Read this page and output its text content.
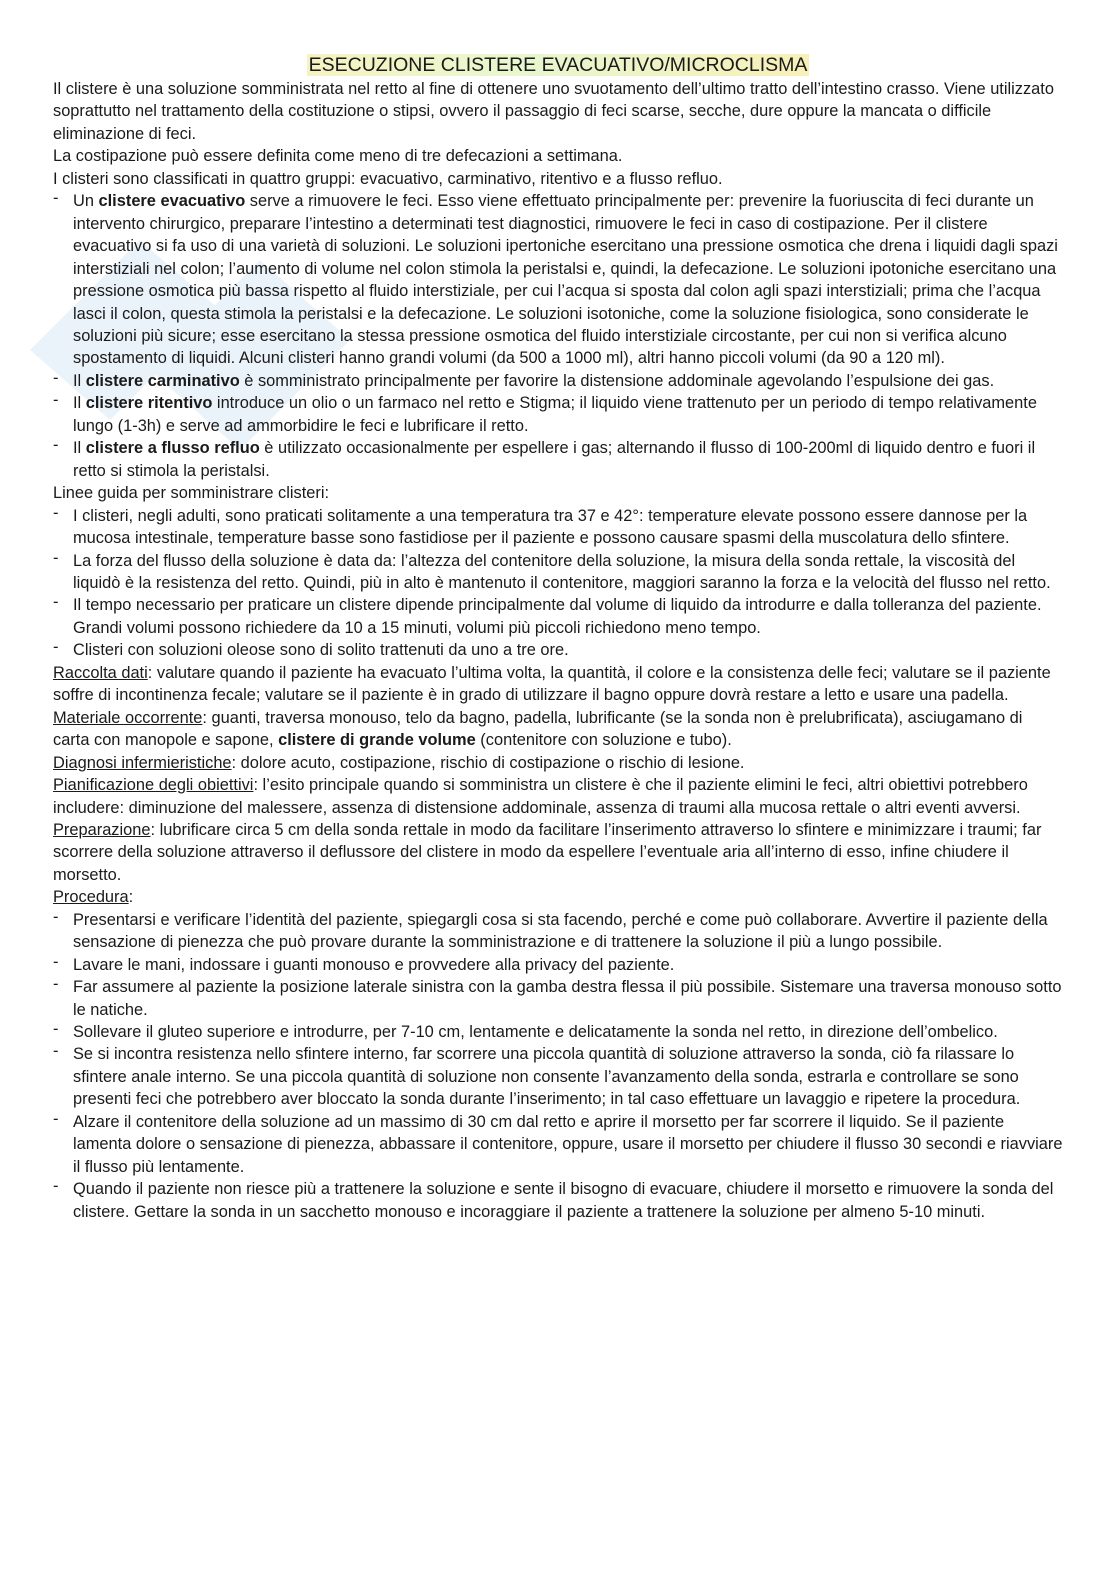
ESECUZIONE CLISTERE EVACUATIVO/MICROCLISMA

Il clistere è una soluzione somministrata nel retto al fine di ottenere uno svuotamento dell’ultimo tratto dell’intestino crasso. Viene utilizzato soprattutto nel trattamento della costituzione o stipsi, ovvero il passaggio di feci scarse, secche, dure oppure la mancata o difficile eliminazione di feci.

La costipazione può essere definita come meno di tre defecazioni a settimana.

I clisteri sono classificati in quattro gruppi: evacuativo, carminativo, ritentivo e a flusso refluo.

- Un clistere evacuativo serve a rimuovere le feci. Esso viene effettuato principalmente per: prevenire la fuoriuscita di feci durante un intervento chirurgico, preparare l’intestino a determinati test diagnostici, rimuovere le feci in caso di costipazione. Per il clistere evacuativo si fa uso di una varietà di soluzioni. Le soluzioni ipertoniche esercitano una pressione osmotica che drena i liquidi dagli spazi interstiziali nel colon; l’aumento di volume nel colon stimola la peristalsi e, quindi, la defecazione. Le soluzioni ipotoniche esercitano una pressione osmotica più bassa rispetto al fluido interstiziale, per cui l’acqua si sposta dal colon agli spazi interstiziali; prima che l’acqua lasci il colon, questa stimola la peristalsi e la defecazione. Le soluzioni isotoniche, come la soluzione fisiologica, sono considerate le soluzioni più sicure; esse esercitano la stessa pressione osmotica del fluido interstiziale circostante, per cui non si verifica alcuno spostamento di liquidi. Alcuni clisteri hanno grandi volumi (da 500 a 1000 ml), altri hanno piccoli volumi (da 90 a 120 ml).
- Il clistere carminativo è somministrato principalmente per favorire la distensione addominale agevolando l’espulsione dei gas.
- Il clistere ritentivo introduce un olio o un farmaco nel retto e Stigma; il liquido viene trattenuto per un periodo di tempo relativamente lungo (1-3h) e serve ad ammorbidire le feci e lubrificare il retto.
- Il clistere a flusso refluo è utilizzato occasionalmente per espellere i gas; alternando il flusso di 100-200ml di liquido dentro e fuori il retto si stimola la peristalsi.

Linee guida per somministrare clisteri:

- I clisteri, negli adulti, sono praticati solitamente a una temperatura tra 37 e 42°: temperature elevate possono essere dannose per la mucosa intestinale, temperature basse sono fastidiose per il paziente e possono causare spasmi della muscolatura dello sfintere.
- La forza del flusso della soluzione è data da: l’altezza del contenitore della soluzione, la misura della sonda rettale, la viscosità del liquidò è la resistenza del retto. Quindi, più in alto è mantenuto il contenitore, maggiori saranno la forza e la velocità del flusso nel retto.
- Il tempo necessario per praticare un clistere dipende principalmente dal volume di liquido da introdurre e dalla tolleranza del paziente. Grandi volumi possono richiedere da 10 a 15 minuti, volumi più piccoli richiedono meno tempo.
- Clisteri con soluzioni oleose sono di solito trattenuti da uno a tre ore.

Raccolta dati: valutare quando il paziente ha evacuato l’ultima volta, la quantità, il colore e la consistenza delle feci; valutare se il paziente soffre di incontinenza fecale; valutare se il paziente è in grado di utilizzare il bagno oppure dovrà restare a letto e usare una padella.

Materiale occorrente: guanti, traversa monouso, telo da bagno, padella, lubrificante (se la sonda non è prelubrificata), asciugamano di carta con manopole e sapone, clistere di grande volume (contenitore con soluzione e tubo).

Diagnosi infermieristiche: dolore acuto, costipazione, rischio di costipazione o rischio di lesione.

Pianificazione degli obiettivi: l’esito principale quando si somministra un clistere è che il paziente elimini le feci, altri obiettivi potrebbero includere: diminuzione del malessere, assenza di distensione addominale, assenza di traumi alla mucosa rettale o altri eventi avversi.

Preparazione: lubrificare circa 5 cm della sonda rettale in modo da facilitare l’inserimento attraverso lo sfintere e minimizzare i traumi; far scorrere della soluzione attraverso il deflussore del clistere in modo da espellere l’eventuale aria all’interno di esso, infine chiudere il morsetto.

Procedura:

- Presentarsi e verificare l’identità del paziente, spiegargli cosa si sta facendo, perché e come può collaborare. Avvertire il paziente della sensazione di pienezza che può provare durante la somministrazione e di trattenere la soluzione il più a lungo possibile.
- Lavare le mani, indossare i guanti monouso e provvedere alla privacy del paziente.
- Far assumere al paziente la posizione laterale sinistra con la gamba destra flessa il più possibile. Sistemare una traversa monouso sotto le natiche.
- Sollevare il gluteo superiore e introdurre, per 7-10 cm, lentamente e delicatamente la sonda nel retto, in direzione dell’ombelico.
- Se si incontra resistenza nello sfintere interno, far scorrere una piccola quantità di soluzione attraverso la sonda, ciò fa rilassare lo sfintere anale interno. Se una piccola quantità di soluzione non consente l’avanzamento della sonda, estrarla e controllare se sono presenti feci che potrebbero aver bloccato la sonda durante l’inserimento; in tal caso effettuare un lavaggio e ripetere la procedura.
- Alzare il contenitore della soluzione ad un massimo di 30 cm dal retto e aprire il morsetto per far scorrere il liquido. Se il paziente lamenta dolore o sensazione di pienezza, abbassare il contenitore, oppure, usare il morsetto per chiudere il flusso 30 secondi e riavviare il flusso più lentamente.
- Quando il paziente non riesce più a trattenere la soluzione e sente il bisogno di evacuare, chiudere il morsetto e rimuovere la sonda del clistere. Gettare la sonda in un sacchetto monouso e incoraggiare il paziente a trattenere la soluzione per almeno 5-10 minuti.
